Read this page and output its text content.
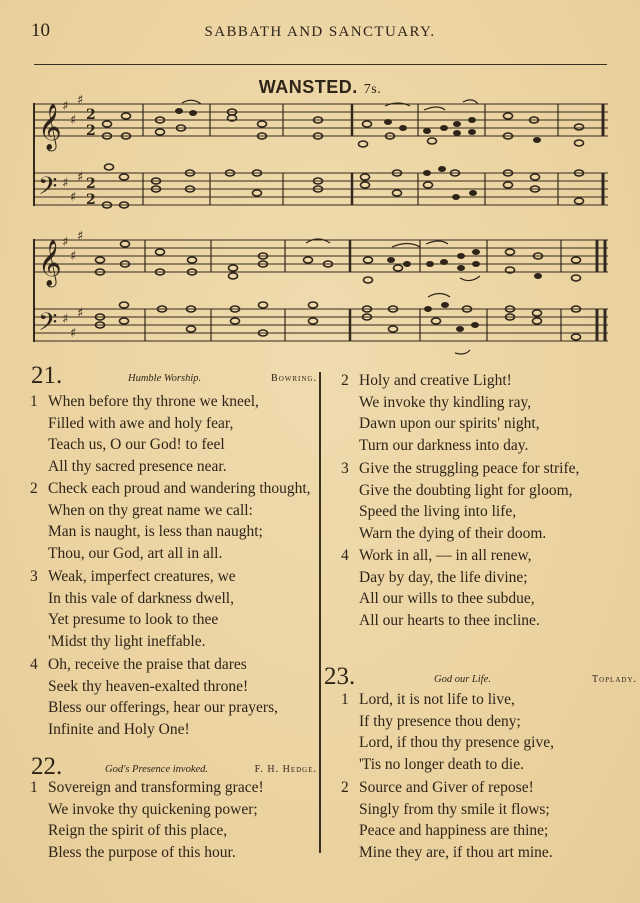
10	SABBATH AND SANCTUARY.
WANSTED. 7s.
𝄞
𝄢
𝄞
𝄢
♯
♯
♯
♯
♯
♯
♯
♯
♯
♯
♯
♯
2
2
2
2
21.	Humble Worship.	Bowring.
1 When before thy throne we kneel,
Filled with awe and holy fear,
Teach us, O our God! to feel
All thy sacred presence near.
2 Check each proud and wandering thought,
When on thy great name we call:
Man is naught, is less than naught;
Thou, our God, art all in all.
3 Weak, imperfect creatures, we
In this vale of darkness dwell,
Yet presume to look to thee
'Midst thy light ineffable.
4 Oh, receive the praise that dares
Seek thy heaven-exalted throne!
Bless our offerings, hear our prayers,
Infinite and Holy One!
22.	God's Presence invoked.	F. H. Hedge.
1 Sovereign and transforming grace!
We invoke thy quickening power;
Reign the spirit of this place,
Bless the purpose of this hour.
2 Holy and creative Light!
We invoke thy kindling ray,
Dawn upon our spirits' night,
Turn our darkness into day.
3 Give the struggling peace for strife,
Give the doubting light for gloom,
Speed the living into life,
Warn the dying of their doom.
4 Work in all, — in all renew,
Day by day, the life divine;
All our wills to thee subdue,
All our hearts to thee incline.
23.	God our Life.	Toplady.
1 Lord, it is not life to live,
If thy presence thou deny;
Lord, if thou thy presence give,
'Tis no longer death to die.
2 Source and Giver of repose!
Singly from thy smile it flows;
Peace and happiness are thine;
Mine they are, if thou art mine.
